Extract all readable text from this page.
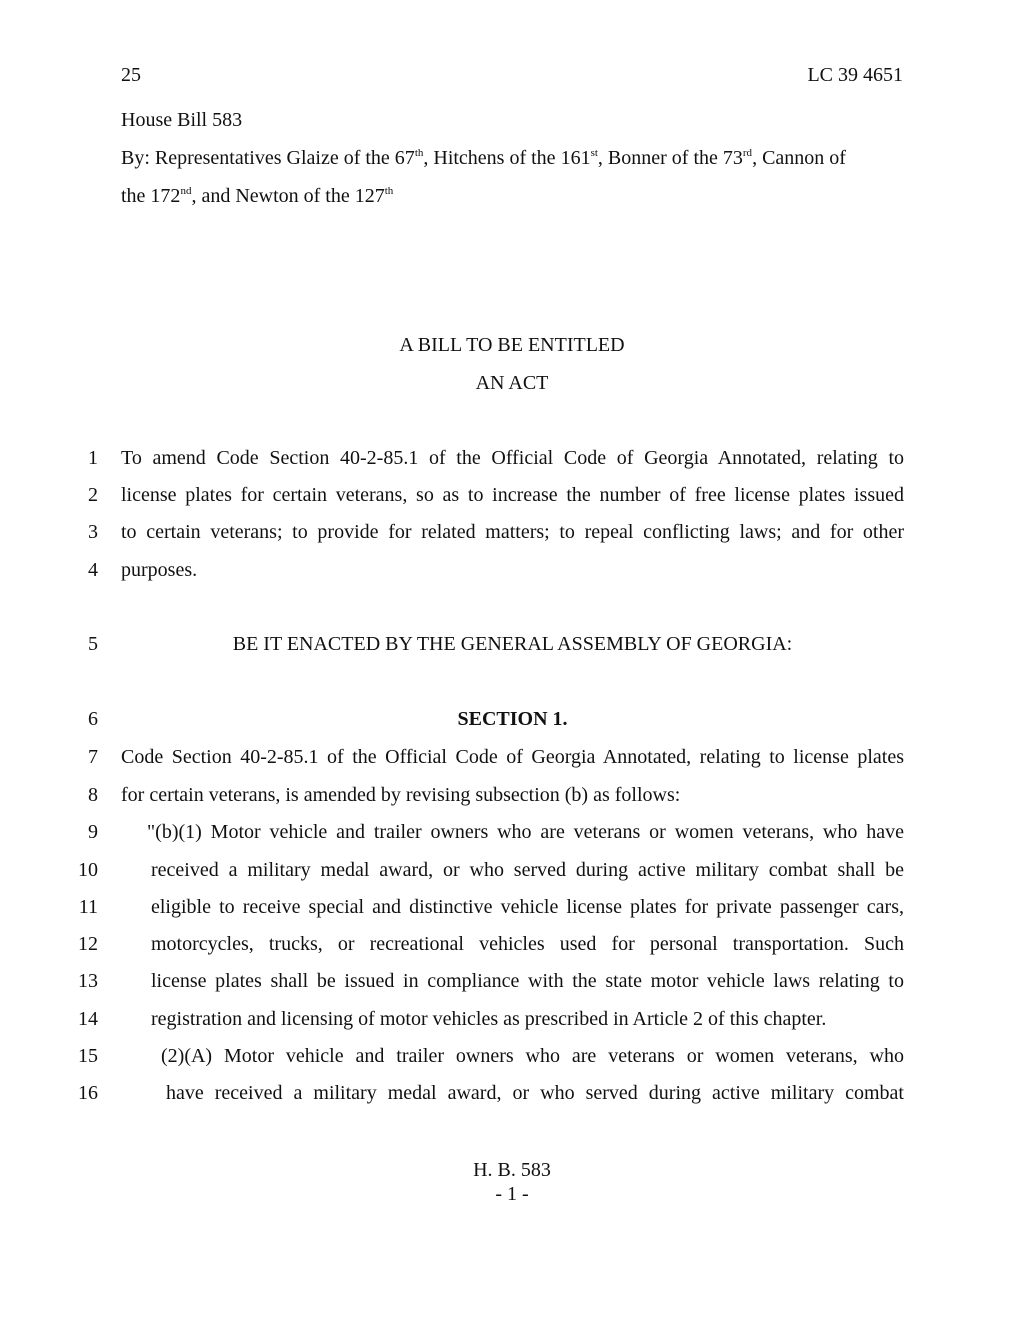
25	LC 39 4651
House Bill 583
By: Representatives Glaize of the 67th, Hitchens of the 161st, Bonner of the 73rd, Cannon of
the 172nd, and Newton of the 127th
A BILL TO BE ENTITLED
AN ACT
1 To amend Code Section 40-2-85.1 of the Official Code of Georgia Annotated, relating to
2 license plates for certain veterans, so as to increase the number of free license plates issued
3 to certain veterans; to provide for related matters; to repeal conflicting laws; and for other
4 purposes.
5	BE IT ENACTED BY THE GENERAL ASSEMBLY OF GEORGIA:
6	SECTION 1.
7 Code Section 40-2-85.1 of the Official Code of Georgia Annotated, relating to license plates
8 for certain veterans, is amended by revising subsection (b) as follows:
9 "(b)(1) Motor vehicle and trailer owners who are veterans or women veterans, who have
10	received a military medal award, or who served during active military combat shall be
11	eligible to receive special and distinctive vehicle license plates for private passenger cars,
12	motorcycles, trucks, or recreational vehicles used for personal transportation. Such
13	license plates shall be issued in compliance with the state motor vehicle laws relating to
14	registration and licensing of motor vehicles as prescribed in Article 2 of this chapter.
15	(2)(A) Motor vehicle and trailer owners who are veterans or women veterans, who
16	have received a military medal award, or who served during active military combat
H. B. 583
- 1 -
